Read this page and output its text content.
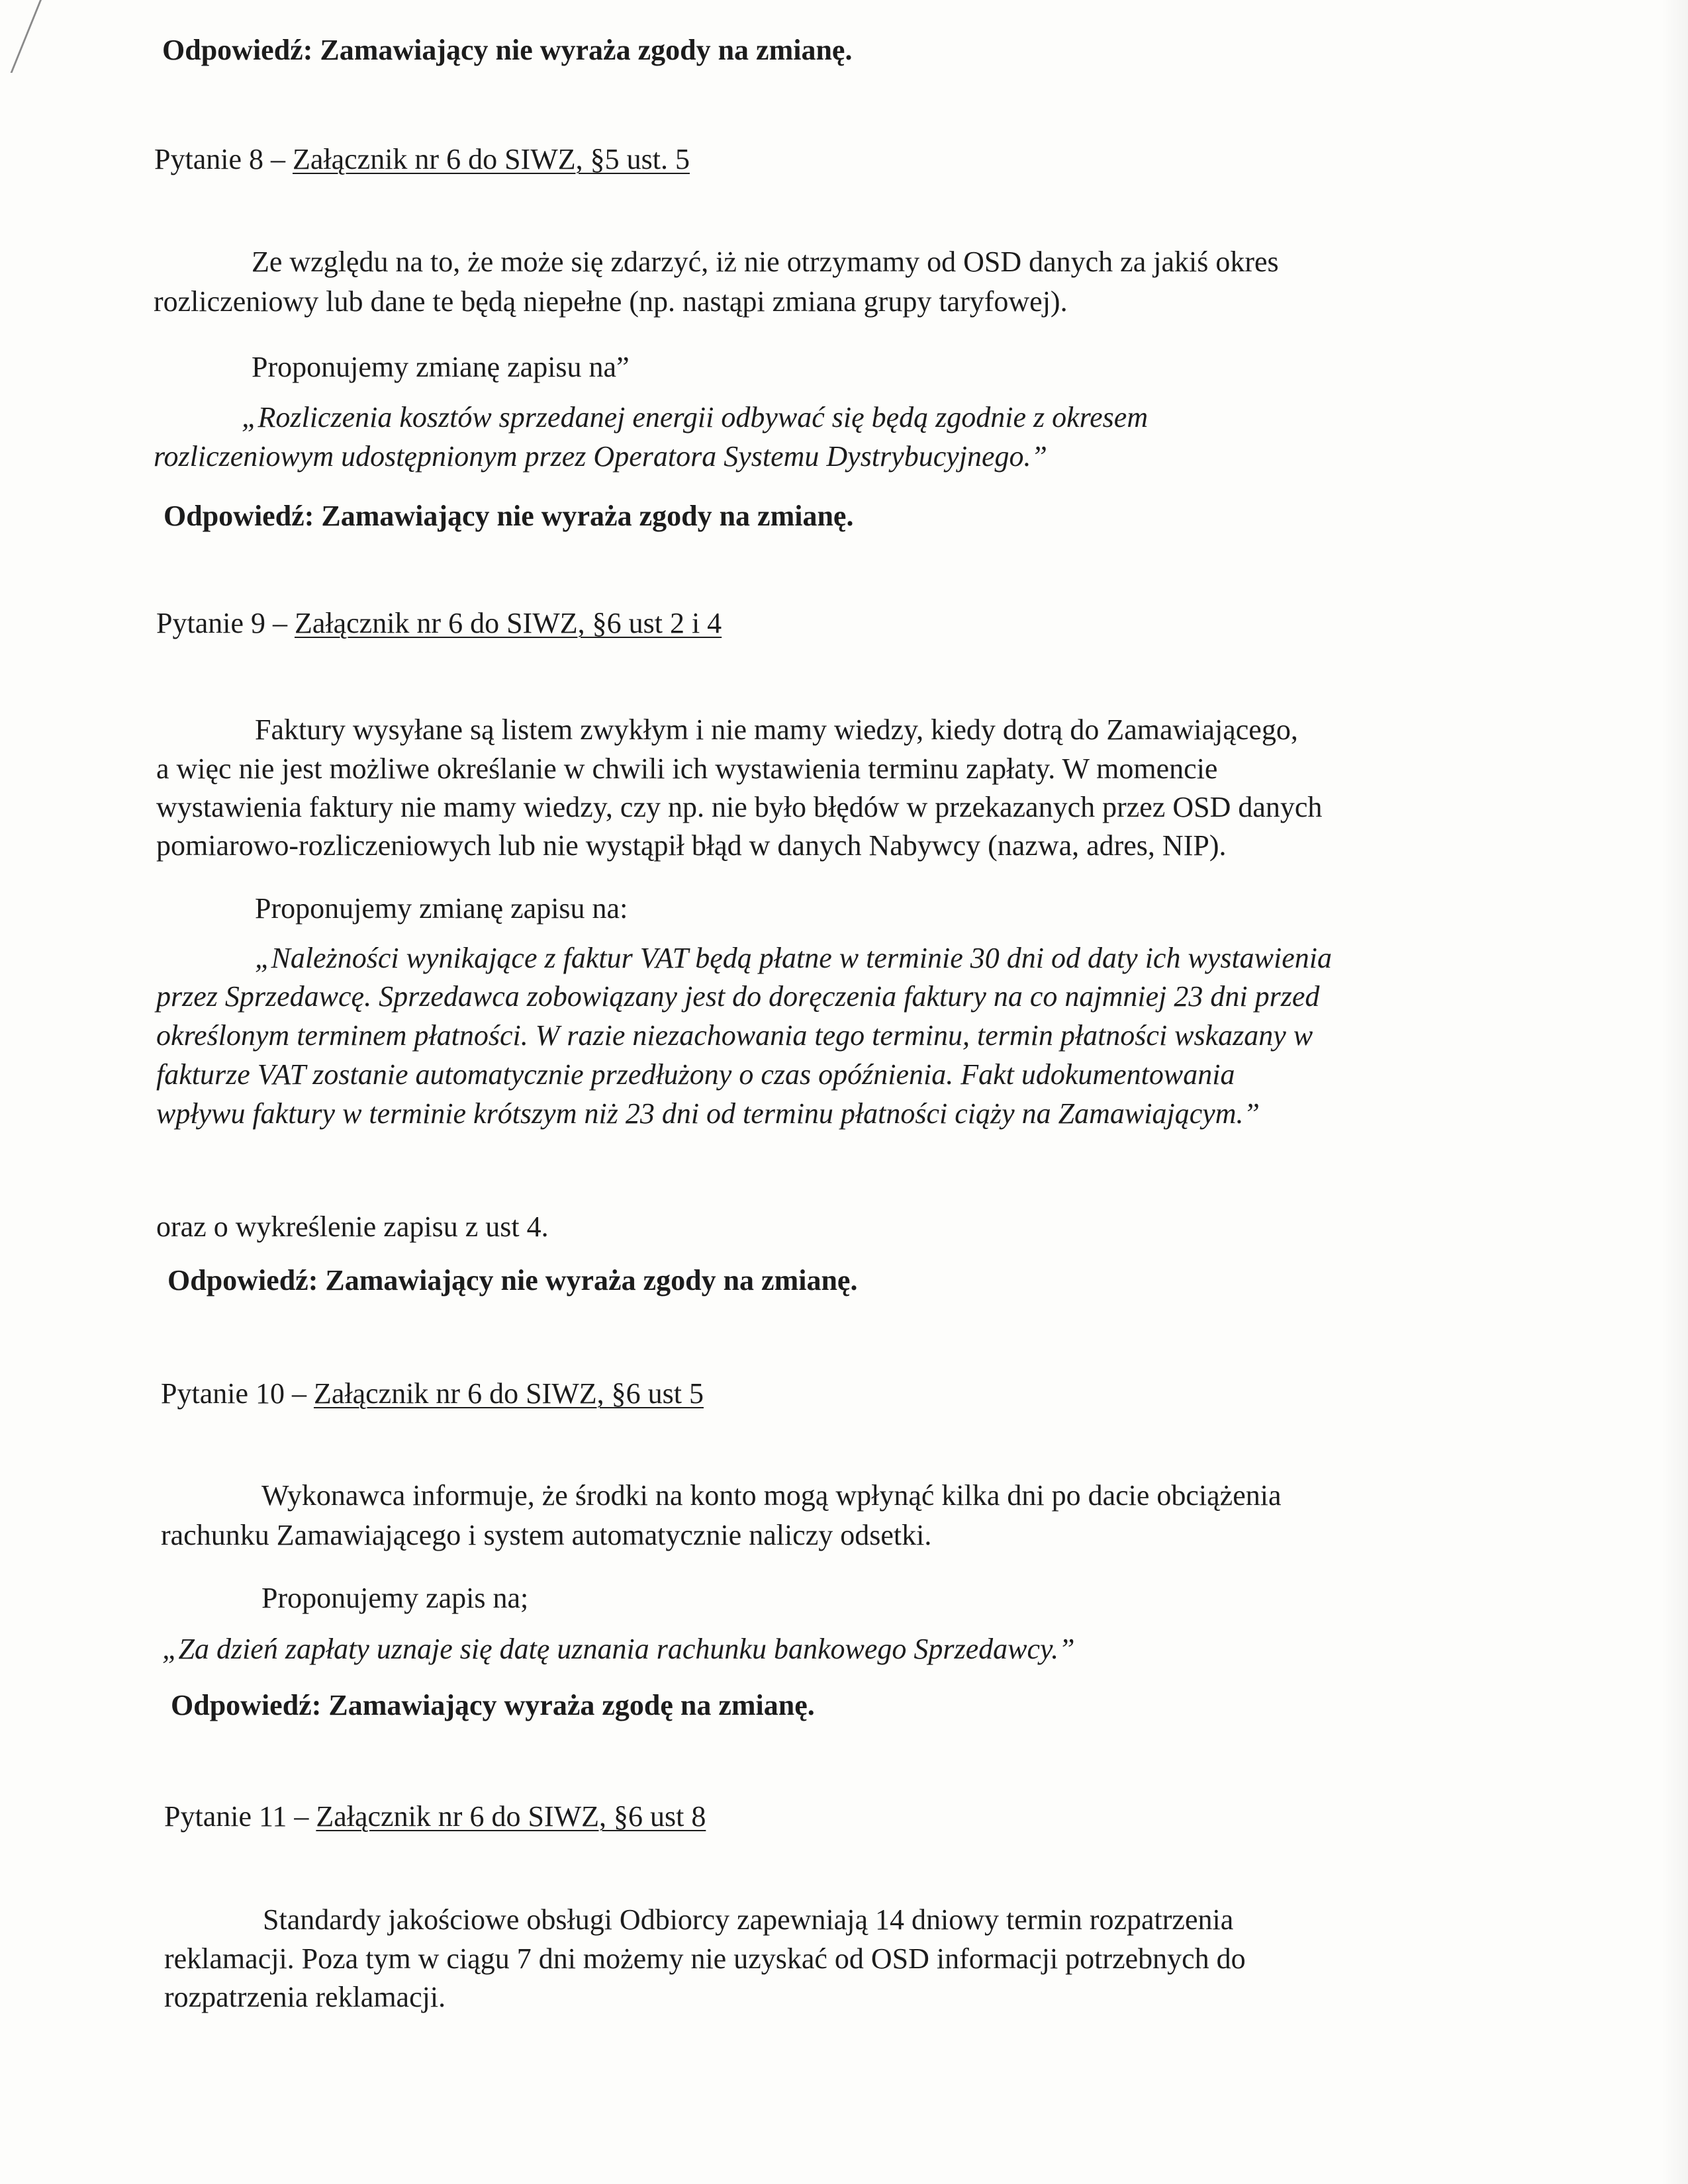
Odpowiedź: Zamawiający nie wyraża zgody na zmianę.
Pytanie 8 – Załącznik nr 6 do SIWZ, §5 ust. 5
Ze względu na to, że może się zdarzyć, iż nie otrzymamy od OSD danych za jakiś okres
rozliczeniowy lub dane te będą niepełne (np. nastąpi zmiana grupy taryfowej).
Proponujemy zmianę zapisu na”
„Rozliczenia kosztów sprzedanej energii odbywać się będą zgodnie z okresem
rozliczeniowym udostępnionym przez Operatora Systemu Dystrybucyjnego.”
Odpowiedź: Zamawiający nie wyraża zgody na zmianę.
Pytanie 9 – Załącznik nr 6 do SIWZ, §6 ust 2 i 4
Faktury wysyłane są listem zwykłym i nie mamy wiedzy, kiedy dotrą do Zamawiającego,
a więc nie jest możliwe określanie w chwili ich wystawienia terminu zapłaty. W momencie
wystawienia faktury nie mamy wiedzy, czy np. nie było błędów w przekazanych przez OSD danych
pomiarowo-rozliczeniowych lub nie wystąpił błąd w danych Nabywcy (nazwa, adres, NIP).
Proponujemy zmianę zapisu na:
„Należności wynikające z faktur VAT będą płatne w terminie 30 dni od daty ich wystawienia
przez Sprzedawcę. Sprzedawca zobowiązany jest do doręczenia faktury na co najmniej 23 dni przed
określonym terminem płatności. W razie niezachowania tego terminu, termin płatności wskazany w
fakturze VAT zostanie automatycznie przedłużony o czas opóźnienia. Fakt udokumentowania
wpływu faktury w terminie krótszym niż 23 dni od terminu płatności ciąży na Zamawiającym.”
oraz o wykreślenie zapisu z ust 4.
Odpowiedź: Zamawiający nie wyraża zgody na zmianę.
Pytanie 10 – Załącznik nr 6 do SIWZ, §6 ust 5
Wykonawca informuje, że środki na konto mogą wpłynąć kilka dni po dacie obciążenia
rachunku Zamawiającego i system automatycznie naliczy odsetki.
Proponujemy zapis na;
„Za dzień zapłaty uznaje się datę uznania rachunku bankowego Sprzedawcy.”
Odpowiedź: Zamawiający wyraża zgodę na zmianę.
Pytanie 11 – Załącznik nr 6 do SIWZ, §6 ust 8
Standardy jakościowe obsługi Odbiorcy zapewniają 14 dniowy termin rozpatrzenia
reklamacji. Poza tym w ciągu 7 dni możemy nie uzyskać od OSD informacji potrzebnych do
rozpatrzenia reklamacji.
